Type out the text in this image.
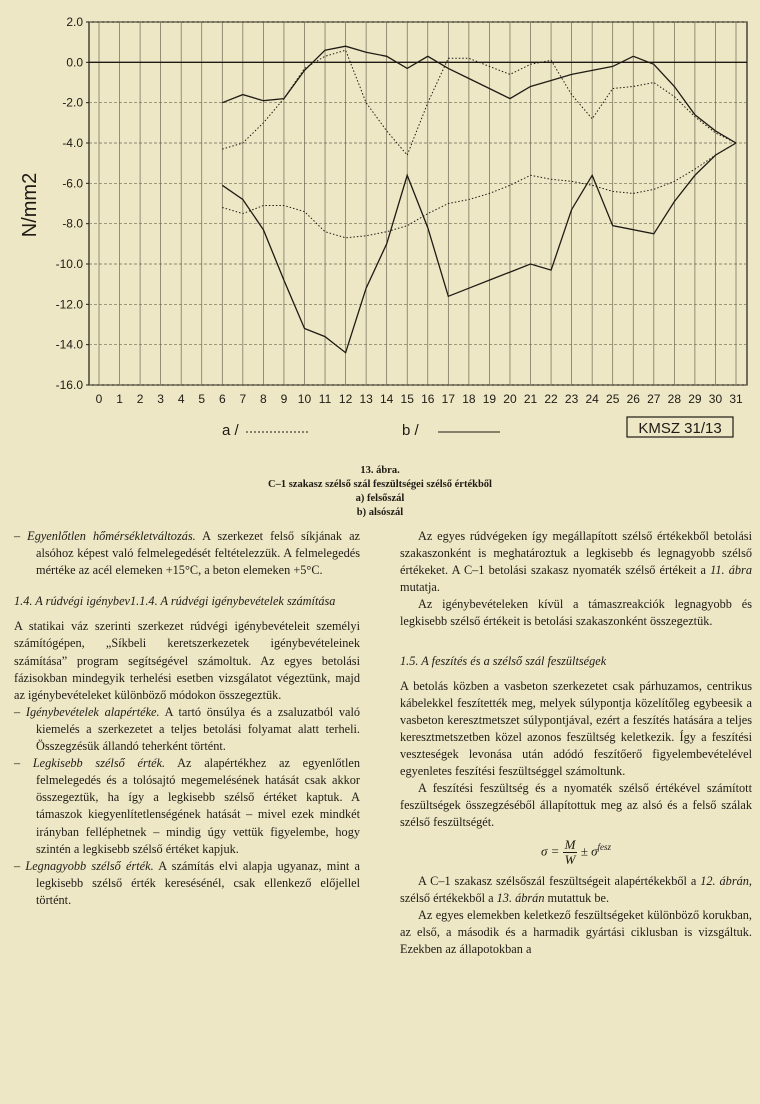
2.0
0.0
-2.0
-4.0
-6.0
-8.0
-10.0
-12.0
-14.0
-16.0
0 1 2 3 4 5 6 7 8 9 10 11 12 13 14 15 16 17 18 19 20 21 22 23 24 25 26 27 28 29 30 31
N/mm2
a /	b /	KMSZ 31/13
13. ábra.
C–1 szakasz szélső szál feszültségei szélső értékből
a) felsőszál
b) alsószál

– Egyenlőtlen hőmérsékletváltozás. A szerkezet felső síkjának az alsóhoz képest való felmelegedését feltételezzük. A felmelegedés mértéke az acél elemeken +15°C, a beton elemeken +5°C.

1.4. A rúdvégi igénybev1.1.4. A rúdvégi igénybevételek számítása

A statikai váz szerinti szerkezet rúdvégi igénybevételeit személyi számítógépen, „Síkbeli keretszerkezetek igénybevételeinek számítása” program segítségével számoltuk. Az egyes betolási fázisokban mindegyik terhelési esetben vizsgálatot végeztünk, majd az igénybevételeket különböző módokon összegeztük.

– Igénybevételek alapértéke. A tartó önsúlya és a zsaluzatból való kiemelés a szerkezetet a teljes betolási folyamat alatt terheli. Összegzésük állandó teherként történt.

– Legkisebb szélső érték. Az alapértékhez az egyenlőtlen felmelegedés és a tolósajtó megemelésének hatását csak akkor összegeztük, ha így a legkisebb szélső értéket kaptuk. A támaszok kiegyenlítetlenségének hatását – mivel ezek mindkét irányban felléphetnek – mindig úgy vettük figyelembe, hogy szintén a legkisebb szélső értéket kapjuk.

– Legnagyobb szélső érték. A számítás elvi alapja ugyanaz, mint a legkisebb szélső érték keresésénél, csak ellenkező előjellel történt.

Az egyes rúdvégeken így megállapított szélső értékekből betolási szakaszonként is meghatároztuk a legkisebb és legnagyobb szélső értékeket. A C–1 betolási szakasz nyomaték szélső értékeit a 11. ábra mutatja.

Az igénybevételeken kívül a támaszreakciók legnagyobb és legkisebb szélső értékeit is betolási szakaszonként összegeztük.

1.5. A feszítés és a szélső szál feszültségek

A betolás közben a vasbeton szerkezetet csak párhuzamos, centrikus kábelekkel feszítették meg, melyek súlypontja közelítőleg egybeesik a vasbeton keresztmetszet súlypontjával, ezért a feszítés hatására a teljes keresztmetszetben közel azonos feszültség keletkezik. Így a feszítési veszteségek levonása után adódó feszítőerő figyelembevételével egyenletes feszítési feszültséggel számoltunk.

A feszítési feszültség és a nyomaték szélső értékével számított feszültségek összegzéséből állapítottuk meg az alsó és a felső szálak szélső feszültségét.

$\sigma = \frac{M}{W} \pm \sigma^{fesz}$

A C–1 szakasz szélsőszál feszültségeit alapértékekből a 12. ábrán, szélső értékekből a 13. ábrán mutattuk be.

Az egyes elemekben keletkező feszültségeket különböző korukban, az első, a második és a harmadik gyártási ciklusban is vizsgáltuk. Ezekben az állapotokban a
